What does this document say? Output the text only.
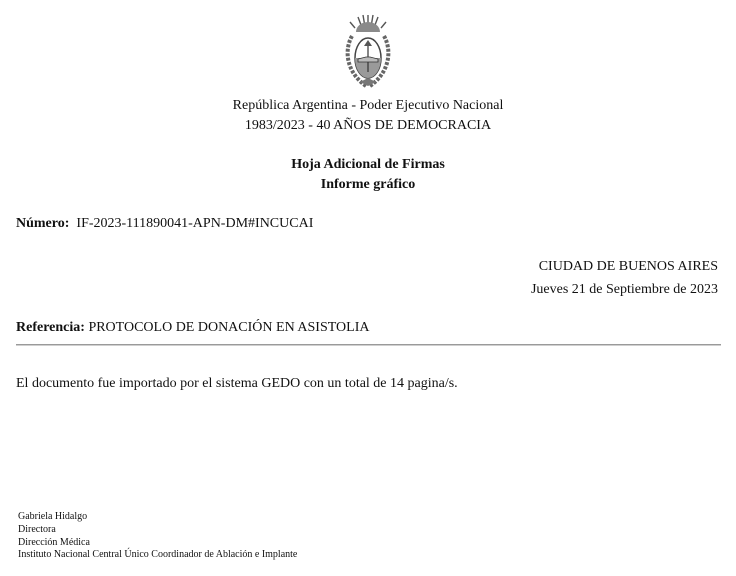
República Argentina - Poder Ejecutivo Nacional
1983/2023 - 40 AÑOS DE DEMOCRACIA
Hoja Adicional de Firmas
Informe gráfico
Número: IF-2023-111890041-APN-DM#INCUCAI
CIUDAD DE BUENOS AIRES
Jueves 21 de Septiembre de 2023
Referencia: PROTOCOLO DE DONACIÓN EN ASISTOLIA
El documento fue importado por el sistema GEDO con un total de 14 pagina/s.
Gabriela Hidalgo
Directora
Dirección Médica
Instituto Nacional Central Único Coordinador de Ablación e Implante
